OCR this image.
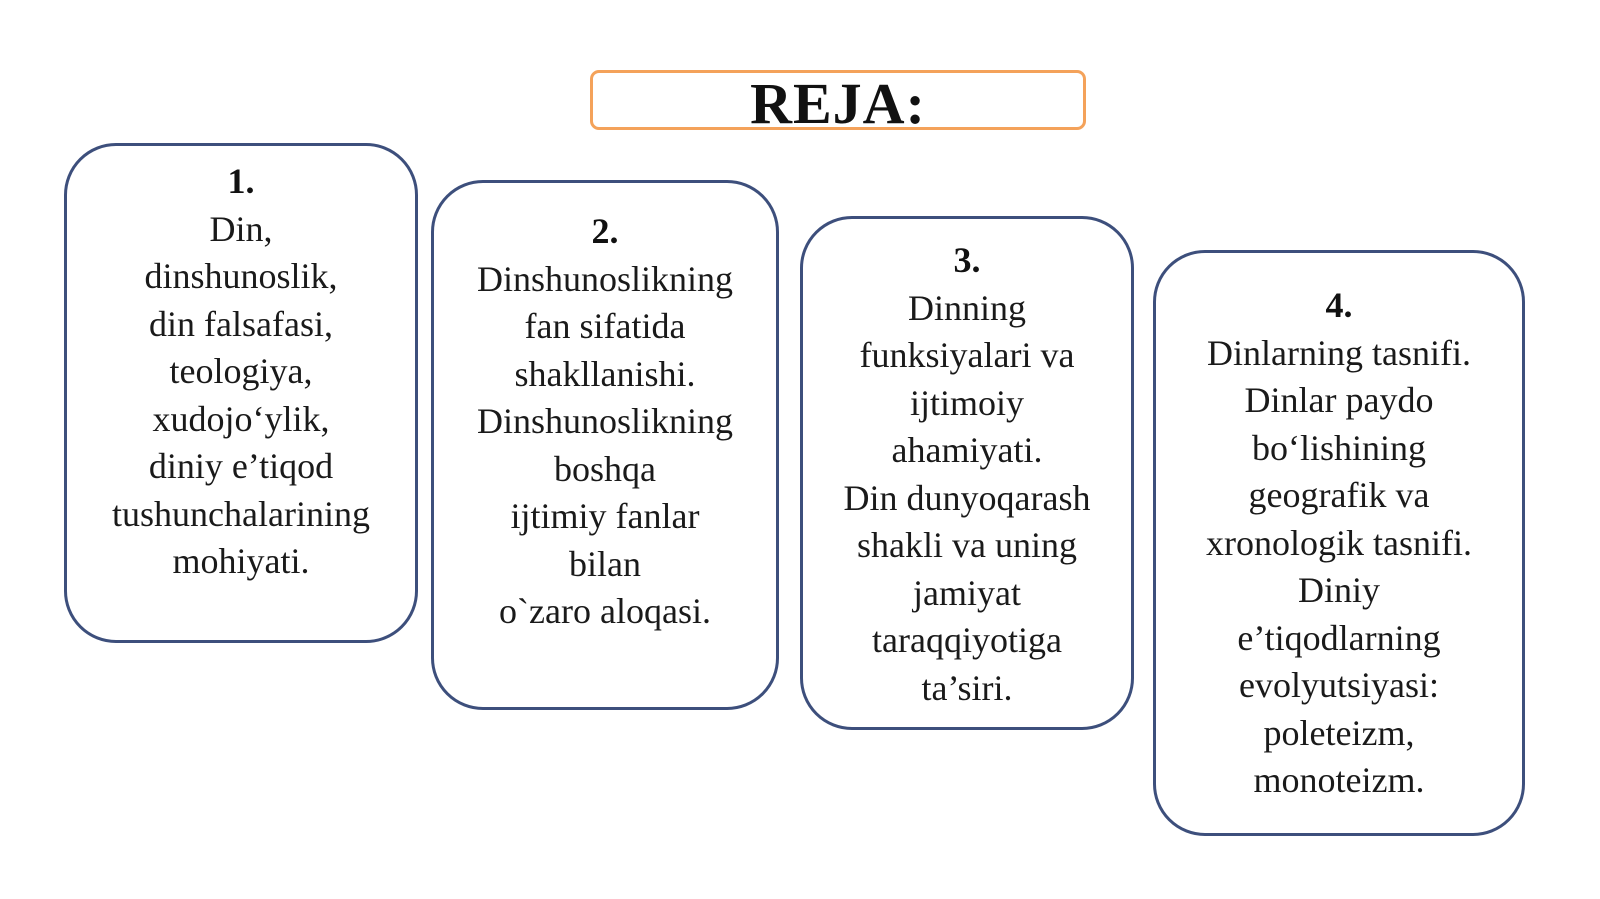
REJA:
1.
Din,
dinshunoslik,
din falsafasi,
teologiya,
xudojo‘ylik,
diniy e’tiqod
tushunchalarining
mohiyati.
2.
Dinshunoslikning
fan sifatida
shakllanishi.
Dinshunoslikning
boshqa
ijtimiy fanlar
bilan
o`zaro aloqasi.
3.
Dinning
funksiyalari va
ijtimoiy
ahamiyati.
Din dunyoqarash
shakli va uning
jamiyat
taraqqiyotiga
ta’siri.
4.
Dinlarning tasnifi.
Dinlar paydo
bo‘lishining
geografik va
xronologik tasnifi.
Diniy
e’tiqodlarning
evolyutsiyasi:
poleteizm,
monoteizm.
